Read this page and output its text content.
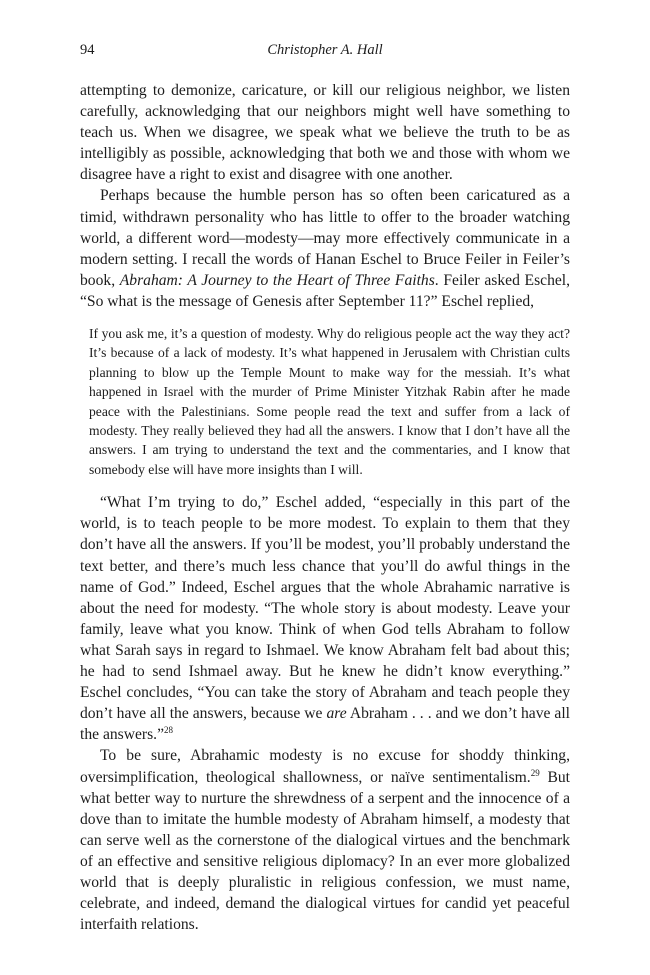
94	Christopher A. Hall

attempting to demonize, caricature, or kill our religious neighbor, we listen carefully, acknowledging that our neighbors might well have something to teach us. When we disagree, we speak what we believe the truth to be as intelligibly as possible, acknowledging that both we and those with whom we disagree have a right to exist and disagree with one another.

Perhaps because the humble person has so often been caricatured as a timid, withdrawn personality who has little to offer to the broader watching world, a different word—modesty—may more effectively communicate in a modern setting. I recall the words of Hanan Eschel to Bruce Feiler in Feiler’s book, Abraham: A Journey to the Heart of Three Faiths. Feiler asked Eschel, “So what is the message of Genesis after September 11?” Eschel replied,

If you ask me, it’s a question of modesty. Why do religious people act the way they act? It’s because of a lack of modesty. It’s what happened in Jerusalem with Christian cults planning to blow up the Temple Mount to make way for the messiah. It’s what happened in Israel with the murder of Prime Minister Yitzhak Rabin after he made peace with the Palestinians. Some people read the text and suffer from a lack of modesty. They really believed they had all the answers. I know that I don’t have all the answers. I am trying to understand the text and the commentaries, and I know that somebody else will have more insights than I will.

“What I’m trying to do,” Eschel added, “especially in this part of the world, is to teach people to be more modest. To explain to them that they don’t have all the answers. If you’ll be modest, you’ll probably understand the text better, and there’s much less chance that you’ll do awful things in the name of God.” Indeed, Eschel argues that the whole Abrahamic narrative is about the need for modesty. “The whole story is about modesty. Leave your family, leave what you know. Think of when God tells Abraham to follow what Sarah says in regard to Ishmael. We know Abraham felt bad about this; he had to send Ishmael away. But he knew he didn’t know everything.” Eschel concludes, “You can take the story of Abraham and teach people they don’t have all the answers, because we are Abraham . . . and we don’t have all the answers.”$^{28}$

To be sure, Abrahamic modesty is no excuse for shoddy thinking, oversimplification, theological shallowness, or naïve sentimentalism.$^{29}$ But what better way to nurture the shrewdness of a serpent and the innocence of a dove than to imitate the humble modesty of Abraham himself, a modesty that can serve well as the cornerstone of the dialogical virtues and the benchmark of an effective and sensitive religious diplomacy? In an ever more globalized world that is deeply pluralistic in religious confession, we must name, celebrate, and indeed, demand the dialogical virtues for candid yet peaceful interfaith relations.
